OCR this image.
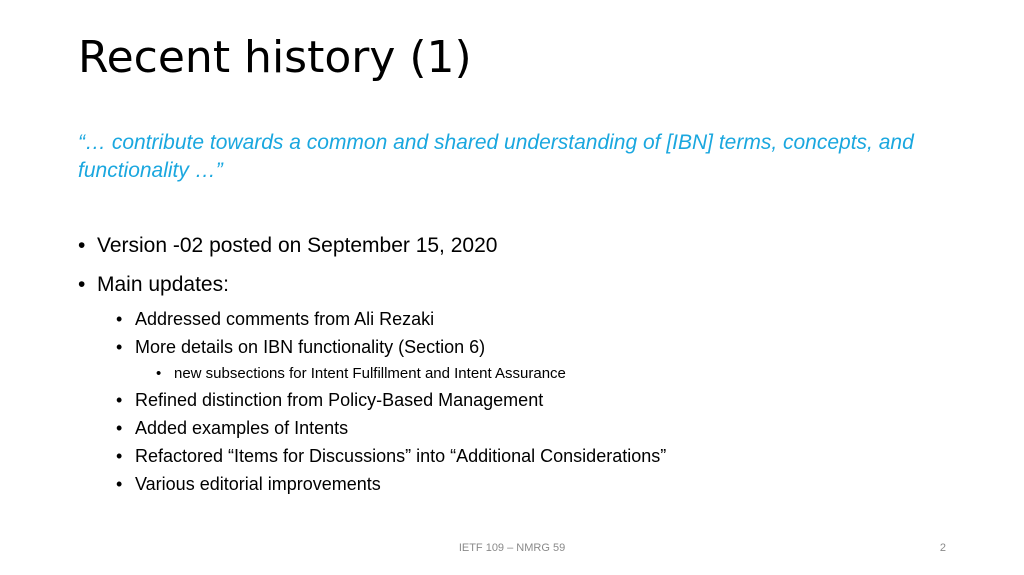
Recent history (1)
“… contribute towards a common and shared understanding of [IBN] terms, concepts, and functionality …”
• Version -02 posted on September 15, 2020
• Main updates:
• Addressed comments from Ali Rezaki
• More details on IBN functionality (Section 6)
• new subsections for Intent Fulfillment and Intent Assurance
• Refined distinction from Policy-Based Management
• Added examples of Intents
• Refactored “Items for Discussions” into “Additional Considerations”
• Various editorial improvements
IETF 109 – NMRG 59	2
